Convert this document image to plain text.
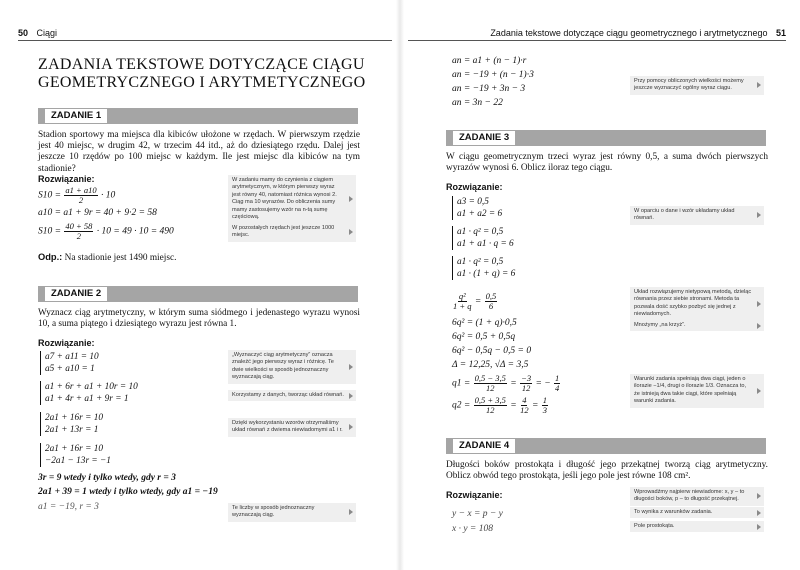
50 Ciągi
ZADANIA TEKSTOWE DOTYCZĄCE CIĄGU
GEOMETRYCZNEGO I ARYTMETYCZNEGO
ZADANIE 1
Stadion sportowy ma miejsca dla kibiców ułożone w rzędach. W pierwszym rzędzie jest 40 miejsc, w drugim 42, w trzecim 44 itd., aż do dziesiątego rzędu. Dalej jest jeszcze 10 rzędów po 100 miejsc w każdym. Ile jest miejsc dla kibiców na tym stadionie?
Rozwiązanie:
$S10 = \frac{a1 + a10}{2} \cdot 10$
a10 = a1 + 9r = 40 + 9·2 = 58
$S10 = \frac{40 + 58}{2} \cdot 10 = 49 \cdot 10 = 490$
W zadaniu mamy do czynienia z ciągiem arytmetycznym, w którym pierwszy wyraz jest równy 40, natomiast różnica wynosi 2. Ciąg ma 10 wyrazów. Do obliczenia sumy mamy zastosujemy wzór na n-tą sumę częściową.
W pozostałych rzędach jest jeszcze 1000 miejsc.
Odp.: Na stadionie jest 1490 miejsc.
ZADANIE 2
Wyznacz ciąg arytmetyczny, w którym suma siódmego i jedenastego wyrazu wynosi 10, a suma piątego i dziesiątego wyrazu jest równa 1.
Rozwiązanie:
a7 + a11 = 10
a5 + a10 = 1
a1 + 6r + a1 + 10r = 10
a1 + 4r + a1 + 9r = 1
2a1 + 16r = 10
2a1 + 13r = 1
2a1 + 16r = 10
−2a1 − 13r = −1
3r = 9 wtedy i tylko wtedy, gdy r = 3
2a1 + 39 = 1 wtedy i tylko wtedy, gdy a1 = −19
a1 = −19, r = 3
„Wyznaczyć ciąg arytmetyczny” oznacza znaleźć jego pierwszy wyraz i różnicę. Te dwie wielkości w sposób jednoznaczny wyznaczają ciąg.
Korzystamy z danych, tworząc układ równań.
Dzięki wykorzystaniu wzorów otrzymaliśmy układ równań z dwiema niewiadomymi a1 i r.
Te liczby w sposób jednoznaczny wyznaczają ciąg.
Zadania tekstowe dotyczące ciągu geometrycznego i arytmetycznego 51
an = a1 + (n − 1)·r
an = −19 + (n − 1)·3
an = −19 + 3n − 3
an = 3n − 22
Przy pomocy obliczonych wielkości możemy jeszcze wyznaczyć ogólny wyraz ciągu.
ZADANIE 3
W ciągu geometrycznym trzeci wyraz jest równy 0,5, a suma dwóch pierwszych wyrazów wynosi 6. Oblicz iloraz tego ciągu.
Rozwiązanie:
a3 = 0,5
a1 + a2 = 6
a1 · q² = 0,5
a1 + a1 · q = 6
a1 · q² = 0,5
a1 · (1 + q) = 6
$\frac{\text{q²}}{1 + q} = \frac{0,5}{6}$
6q² = (1 + q)·0,5
6q² = 0,5 + 0,5q
6q² − 0,5q − 0,5 = 0
Δ = 12,25, √Δ = 3,5
$q1 = \frac{0,5 - 3,5}{12} = \frac{-3}{12}$ = − $\frac{1}{4}$
$q2 = \frac{0,5 + 3,5}{12} = \frac{4}{12} = \frac{1}{3}$
W oparciu o dane i wzór układamy układ równań.
Układ rozwiązujemy nietypową metodą, dzieląc równania przez siebie stronami. Metoda ta pozwala dość szybko pozbyć się jednej z niewiadomych.
Mnożymy „na krzyż”.
Warunki zadania spełniają dwa ciągi, jeden o ilorazie −1/4, drugi o ilorazie 1/3. Oznacza to, że istnieją dwa takie ciągi, które spełniają warunki zadania.
ZADANIE 4
Długości boków prostokąta i długość jego przekątnej tworzą ciąg arytmetyczny. Oblicz obwód tego prostokąta, jeśli jego pole jest równe 108 cm².
Rozwiązanie:
y − x = p − y
x · y = 108
Wprowadźmy najpierw niewiadome: x, y – to długości boków, p – to długość przekątnej.
To wynika z warunków zadania.
Pole prostokąta.
